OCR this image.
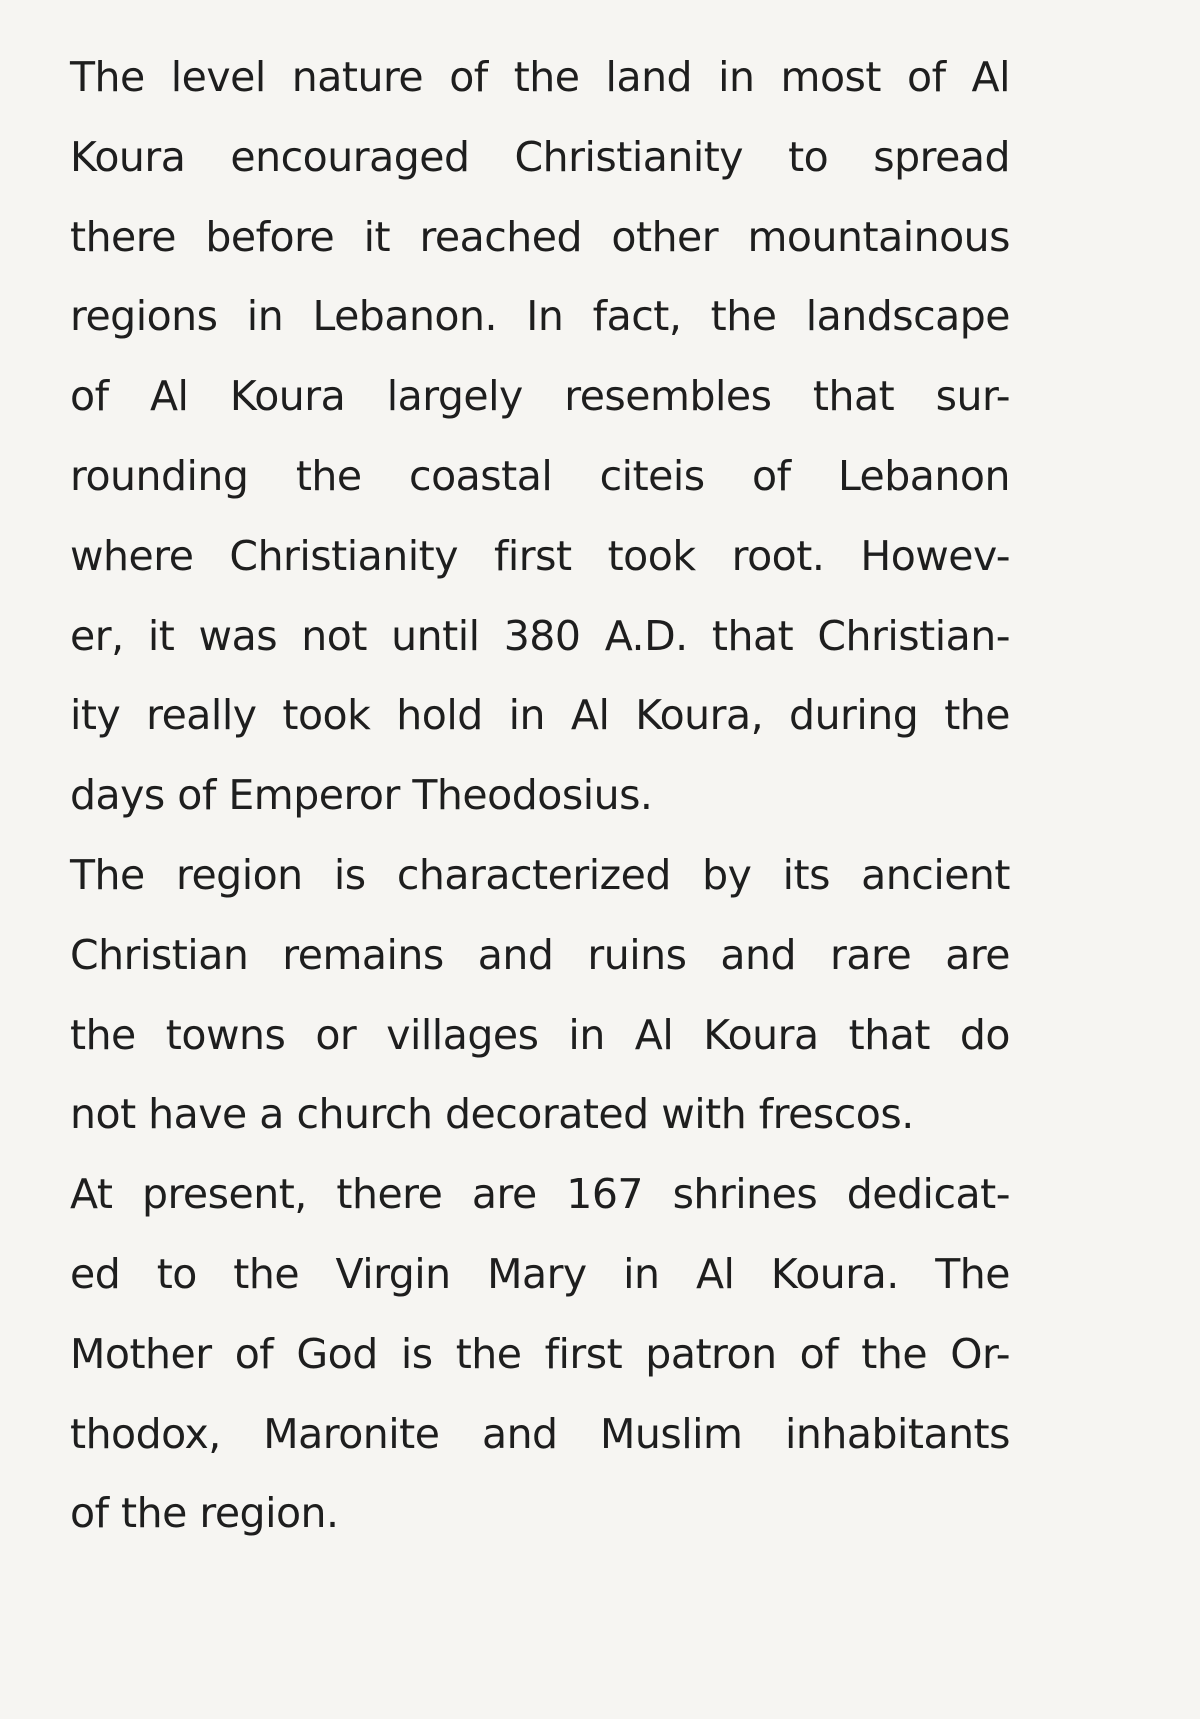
The level nature of the land in most of Al
Koura encouraged Christianity to spread
there before it reached other mountainous
regions in Lebanon. In fact, the landscape
of Al Koura largely resembles that sur-
rounding the coastal citeis of Lebanon
where Christianity first took root. Howev-
er, it was not until 380 A.D. that Christian-
ity really took hold in Al Koura, during the
days of Emperor Theodosius.
The region is characterized by its ancient
Christian remains and ruins and rare are
the towns or villages in Al Koura that do
not have a church decorated with frescos.
At present, there are 167 shrines dedicat-
ed to the Virgin Mary in Al Koura. The
Mother of God is the first patron of the Or-
thodox, Maronite and Muslim inhabitants
of the region.
